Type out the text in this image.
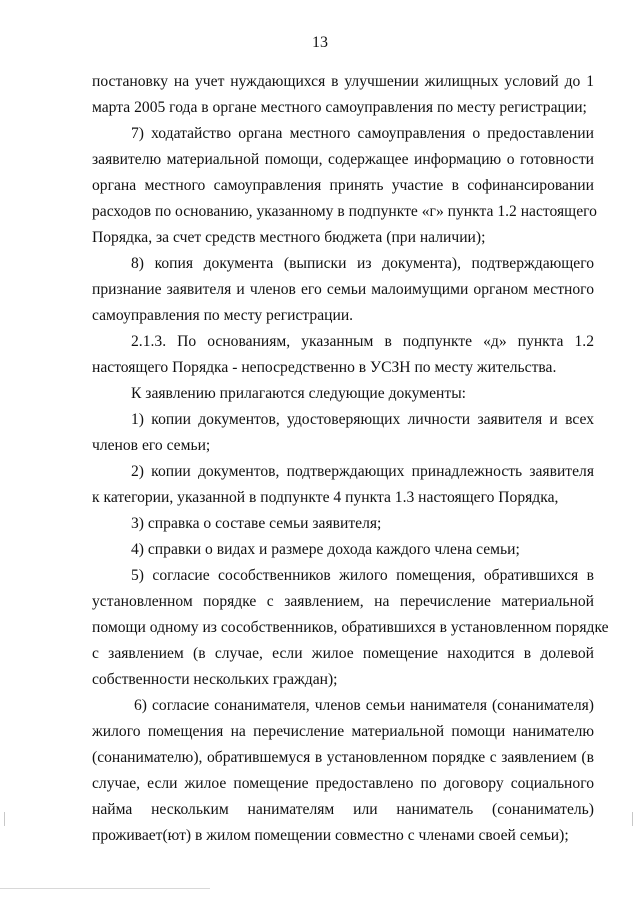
13
постановку на учет нуждающихся в улучшении жилищных условий до 1
марта 2005 года в органе местного самоуправления по месту регистрации;
7) ходатайство органа местного самоуправления о предоставлении
заявителю материальной помощи, содержащее информацию о готовности
органа местного самоуправления принять участие в софинансировании
расходов по основанию, указанному в подпункте «г» пункта 1.2 настоящего
Порядка, за счет средств местного бюджета (при наличии);
8) копия документа (выписки из документа), подтверждающего
признание заявителя и членов его семьи малоимущими органом местного
самоуправления по месту регистрации.
2.1.3. По основаниям, указанным в подпункте «д» пункта 1.2
настоящего Порядка - непосредственно в УСЗН по месту жительства.
К заявлению прилагаются следующие документы:
1) копии документов, удостоверяющих личности заявителя и всех
членов его семьи;
2) копии документов, подтверждающих принадлежность заявителя
к категории, указанной в подпункте 4 пункта 1.3 настоящего Порядка,
3) справка о составе семьи заявителя;
4) справки о видах и размере дохода каждого члена семьи;
5) согласие сособственников жилого помещения, обратившихся в
установленном порядке с заявлением, на перечисление материальной
помощи одному из сособственников, обратившихся в установленном порядке
с заявлением (в случае, если жилое помещение находится в долевой
собственности нескольких граждан);
6) согласие сонанимателя, членов семьи нанимателя (сонанимателя)
жилого помещения на перечисление материальной помощи нанимателю
(сонанимателю), обратившемуся в установленном порядке с заявлением (в
случае, если жилое помещение предоставлено по договору социального
найма нескольким нанимателям или наниматель (сонаниматель)
проживает(ют) в жилом помещении совместно с членами своей семьи);
